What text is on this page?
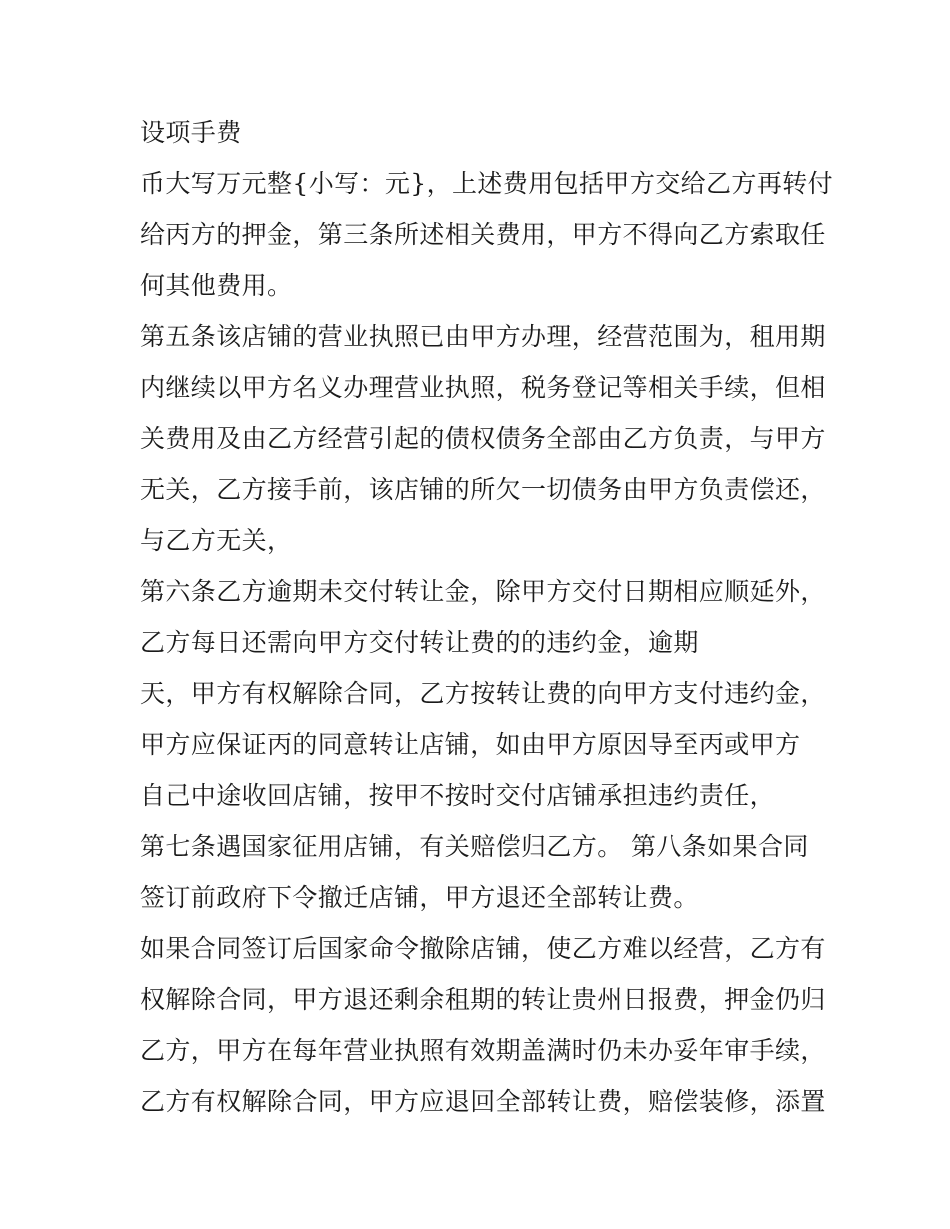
设项手费
币大写万元整{小写：元}，上述费用包括甲方交给乙方再转付
给丙方的押金，第三条所述相关费用，甲方不得向乙方索取任
何其他费用。
第五条该店铺的营业执照已由甲方办理，经营范围为，租用期
内继续以甲方名义办理营业执照，税务登记等相关手续，但相
关费用及由乙方经营引起的债权债务全部由乙方负责，与甲方
无关，乙方接手前，该店铺的所欠一切债务由甲方负责偿还，
与乙方无关，
第六条乙方逾期未交付转让金，除甲方交付日期相应顺延外，
乙方每日还需向甲方交付转让费的的违约金，逾期
天，甲方有权解除合同，乙方按转让费的向甲方支付违约金，
甲方应保证丙的同意转让店铺，如由甲方原因导至丙或甲方
自己中途收回店铺，按甲不按时交付店铺承担违约责任，
第七条遇国家征用店铺，有关赔偿归乙方。 第八条如果合同
签订前政府下令撤迁店铺，甲方退还全部转让费。
如果合同签订后国家命令撤除店铺，使乙方难以经营，乙方有
权解除合同，甲方退还剩余租期的转让贵州日报费，押金仍归
乙方，甲方在每年营业执照有效期盖满时仍未办妥年审手续，
乙方有权解除合同，甲方应退回全部转让费，赔偿装修，添置
